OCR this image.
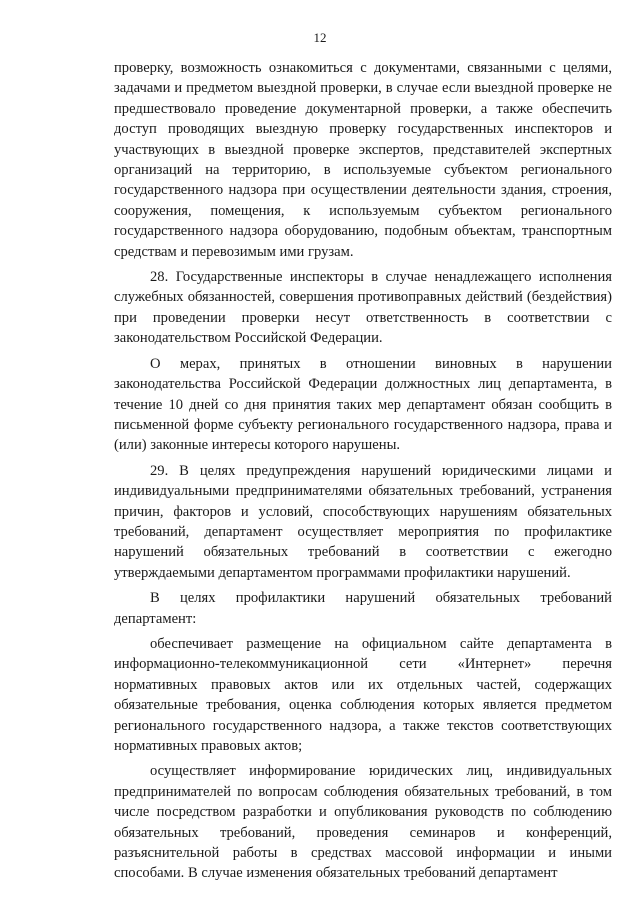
12

проверку, возможность ознакомиться с документами, связанными с целями, задачами и предметом выездной проверки, в случае если выездной проверке не предшествовало проведение документарной проверки, а также обеспечить доступ проводящих выездную проверку государственных инспекторов и участвующих в выездной проверке экспертов, представителей экспертных организаций на территорию, в используемые субъектом регионального государственного надзора при осуществлении деятельности здания, строения, сооружения, помещения, к используемым субъектом регионального государственного надзора оборудованию, подобным объектам, транспортным средствам и перевозимым ими грузам.

28. Государственные инспекторы в случае ненадлежащего исполнения служебных обязанностей, совершения противоправных действий (бездействия) при проведении проверки несут ответственность в соответствии с законодательством Российской Федерации.

О мерах, принятых в отношении виновных в нарушении законодательства Российской Федерации должностных лиц департамента, в течение 10 дней со дня принятия таких мер департамент обязан сообщить в письменной форме субъекту регионального государственного надзора, права и (или) законные интересы которого нарушены.

29. В целях предупреждения нарушений юридическими лицами и индивидуальными предпринимателями обязательных требований, устранения причин, факторов и условий, способствующих нарушениям обязательных требований, департамент осуществляет мероприятия по профилактике нарушений обязательных требований в соответствии с ежегодно утверждаемыми департаментом программами профилактики нарушений.

В целях профилактики нарушений обязательных требований департамент:

обеспечивает размещение на официальном сайте департамента в информационно-телекоммуникационной сети «Интернет» перечня нормативных правовых актов или их отдельных частей, содержащих обязательные требования, оценка соблюдения которых является предметом регионального государственного надзора, а также текстов соответствующих нормативных правовых актов;

осуществляет информирование юридических лиц, индивидуальных предпринимателей по вопросам соблюдения обязательных требований, в том числе посредством разработки и опубликования руководств по соблюдению обязательных требований, проведения семинаров и конференций, разъяснительной работы в средствах массовой информации и иными способами. В случае изменения обязательных требований департамент
